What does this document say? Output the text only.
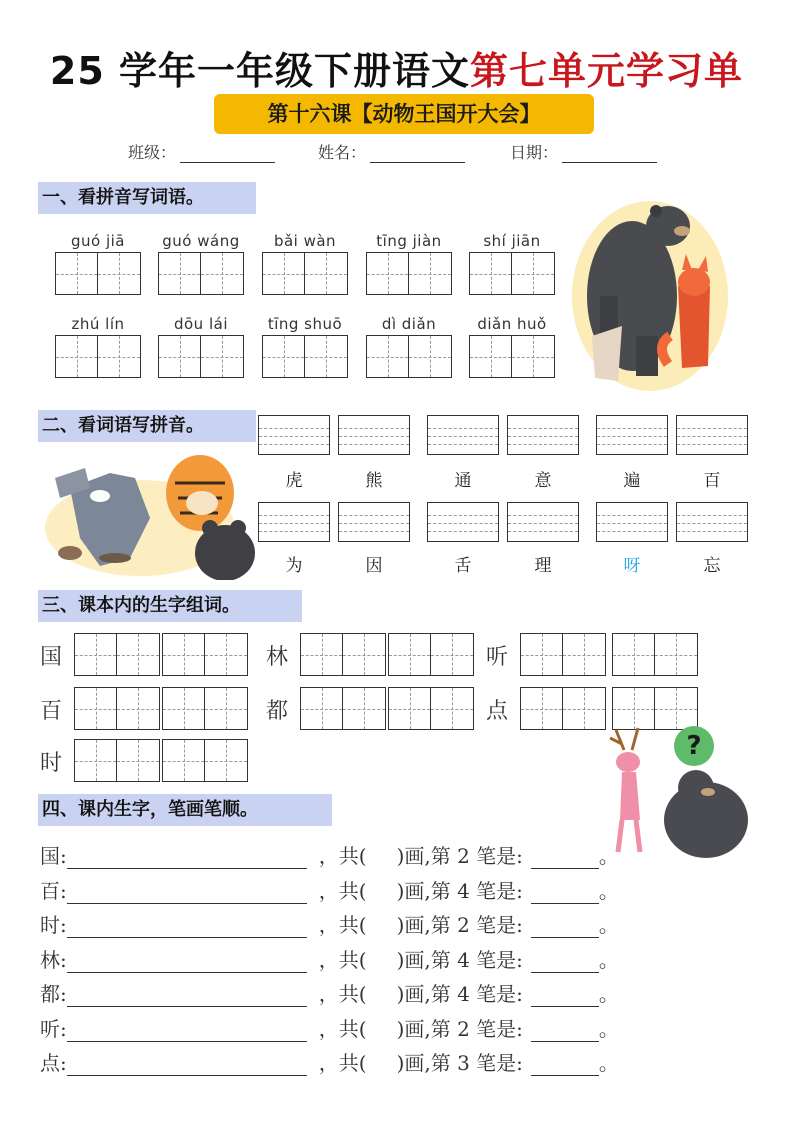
25 学年一年级下册语文第七单元学习单
第十六课【动物王国开大会】
班级：	姓名：	日期：
一、看拼音写词语。
guó jiā	guó wáng	bǎi wàn	tīng jiàn	shí jiān
zhú lín	dōu lái	tīng shuō	dì diǎn	diǎn huǒ
二、看词语写拼音。
虎	熊	通	意	遍	百
为	因	舌	理	呀	忘
三、课本内的生字组词。
国	林	听
百	都	点
时
?
四、课内生字，笔画笔顺。
国:	，共( )画,第 2 笔是:	。
百:	，共( )画,第 4 笔是:	。
时:	，共( )画,第 2 笔是:	。
林:	，共( )画,第 4 笔是:	。
都:	，共( )画,第 4 笔是:	。
听:	，共( )画,第 2 笔是:	。
点:	，共( )画,第 3 笔是:	。
